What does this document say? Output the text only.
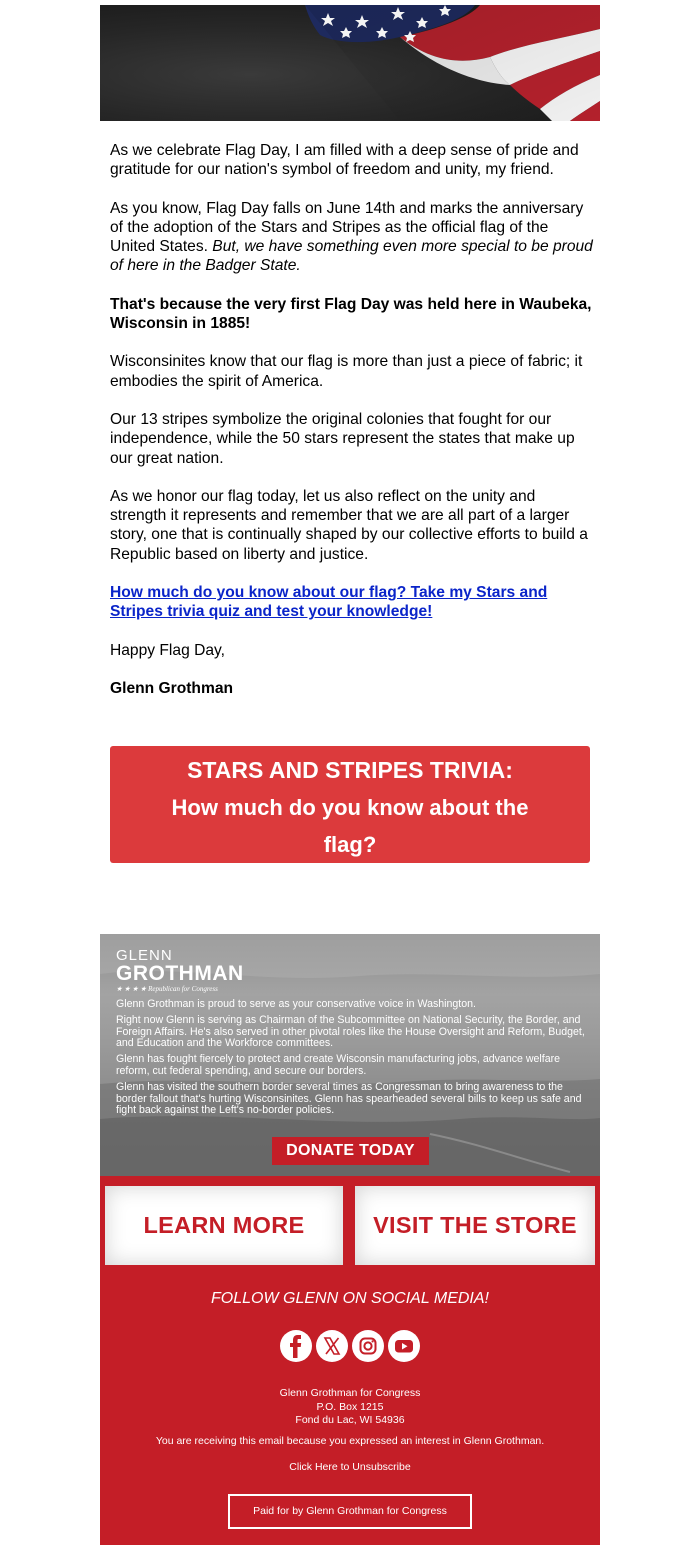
As we celebrate Flag Day, I am filled with a deep sense of pride and gratitude for our nation's symbol of freedom and unity, my friend.

As you know, Flag Day falls on June 14th and marks the anniversary of the adoption of the Stars and Stripes as the official flag of the United States. But, we have something even more special to be proud of here in the Badger State.

That's because the very first Flag Day was held here in Waubeka, Wisconsin in 1885!

Wisconsinites know that our flag is more than just a piece of fabric; it embodies the spirit of America.

Our 13 stripes symbolize the original colonies that fought for our independence, while the 50 stars represent the states that make up our great nation.

As we honor our flag today, let us also reflect on the unity and strength it represents and remember that we are all part of a larger story, one that is continually shaped by our collective efforts to build a Republic based on liberty and justice.

How much do you know about our flag? Take my Stars and Stripes trivia quiz and test your knowledge!

Happy Flag Day,

Glenn Grothman

STARS AND STRIPES TRIVIA:
How much do you know about the flag?
GLENN
GROTHMAN
★ ★ ★ ★ Republican for Congress

Glenn Grothman is proud to serve as your conservative voice in Washington.

Right now Glenn is serving as Chairman of the Subcommittee on National Security, the Border, and Foreign Affairs. He's also served in other pivotal roles like the House Oversight and Reform, Budget, and Education and the Workforce committees.

Glenn has fought fiercely to protect and create Wisconsin manufacturing jobs, advance welfare reform, cut federal spending, and secure our borders.

Glenn has visited the southern border several times as Congressman to bring awareness to the border fallout that's hurting Wisconsinites. Glenn has spearheaded several bills to keep us safe and fight back against the Left's no-border policies.

DONATE TODAY
LEARN MORE	VISIT THE STORE
FOLLOW GLENN ON SOCIAL MEDIA!
Glenn Grothman for Congress
P.O. Box 1215
Fond du Lac, WI 54936
You are receiving this email because you expressed an interest in Glenn Grothman.
Click Here to Unsubscribe
Paid for by Glenn Grothman for Congress
